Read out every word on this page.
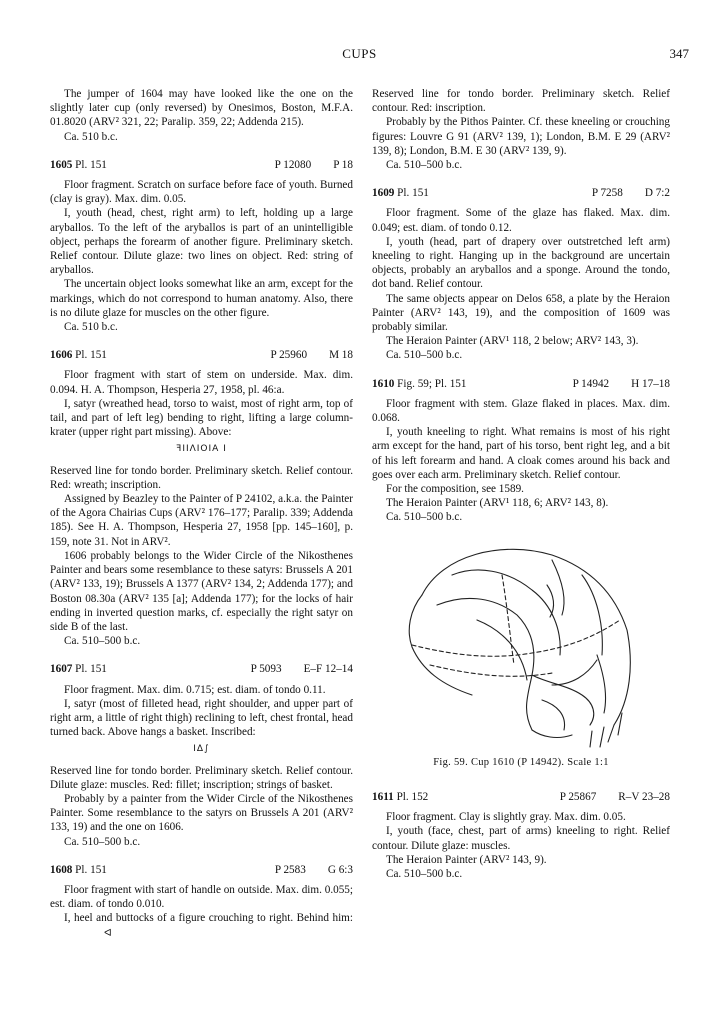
CUPS	347

The jumper of 1604 may have looked like the one on the slightly later cup (only reversed) by Onesimos, Boston, M.F.A. 01.8020 (ARV² 321, 22; Paralip. 359, 22; Addenda 215).

Ca. 510 b.c.

1605 Pl. 151	P 12080 P 18

Floor fragment. Scratch on surface before face of youth. Burned (clay is gray). Max. dim. 0.05.

I, youth (head, chest, right arm) to left, holding up a large aryballos. To the left of the aryballos is part of an unintelligible object, perhaps the forearm of another figure. Preliminary sketch. Relief contour. Dilute glaze: two lines on object. Red: string of aryballos.

The uncertain object looks somewhat like an arm, except for the markings, which do not correspond to human anatomy. Also, there is no dilute glaze for muscles on the other figure.

Ca. 510 b.c.

1606 Pl. 151	P 25960 M 18

Floor fragment with start of stem on underside. Max. dim. 0.094. H. A. Thompson, Hesperia 27, 1958, pl. 46:a.

I, satyr (wreathed head, torso to waist, most of right arm, top of tail, and part of left leg) bending to right, lifting a large column-krater (upper right part missing). Above:

ꟻIIΛIOIA I

Reserved line for tondo border. Preliminary sketch. Relief contour. Red: wreath; inscription.

Assigned by Beazley to the Painter of P 24102, a.k.a. the Painter of the Agora Chairias Cups (ARV² 176–177; Paralip. 339; Addenda 185). See H. A. Thompson, Hesperia 27, 1958 [pp. 145–160], p. 159, note 31. Not in ARV².

1606 probably belongs to the Wider Circle of the Nikosthenes Painter and bears some resemblance to these satyrs: Brussels A 201 (ARV² 133, 19); Brussels A 1377 (ARV² 134, 2; Addenda 177); and Boston 08.30a (ARV² 135 [a]; Addenda 177); for the locks of hair ending in inverted question marks, cf. especially the right satyr on side B of the last.

Ca. 510–500 b.c.

1607 Pl. 151	P 5093 E–F 12–14

Floor fragment. Max. dim. 0.715; est. diam. of tondo 0.11.

I, satyr (most of filleted head, right shoulder, and upper part of right arm, a little of right thigh) reclining to left, chest frontal, head turned back. Above hangs a basket. Inscribed:

ΙΔ∫

Reserved line for tondo border. Preliminary sketch. Relief contour. Dilute glaze: muscles. Red: fillet; inscription; strings of basket.

Probably by a painter from the Wider Circle of the Nikosthenes Painter. Some resemblance to the satyrs on Brussels A 201 (ARV² 133, 19) and the one on 1606.

Ca. 510–500 b.c.

1608 Pl. 151	P 2583 G 6:3

Floor fragment with start of handle on outside. Max. dim. 0.055; est. diam. of tondo 0.010.

I, heel and buttocks of a figure crouching to right. Behind him:ᐊ

Reserved line for tondo border. Preliminary sketch. Relief contour. Red: inscription.

Probably by the Pithos Painter. Cf. these kneeling or crouching figures: Louvre G 91 (ARV² 139, 1); London, B.M. E 29 (ARV² 139, 8); London, B.M. E 30 (ARV² 139, 9).

Ca. 510–500 b.c.

1609 Pl. 151	P 7258 D 7:2

Floor fragment. Some of the glaze has flaked. Max. dim. 0.049; est. diam. of tondo 0.12.

I, youth (head, part of drapery over outstretched left arm) kneeling to right. Hanging up in the background are uncertain objects, probably an aryballos and a sponge. Around the tondo, dot band. Relief contour.

The same objects appear on Delos 658, a plate by the Heraion Painter (ARV² 143, 19), and the composition of 1609 was probably similar.

The Heraion Painter (ARV¹ 118, 2 below; ARV² 143, 3).

Ca. 510–500 b.c.

1610 Fig. 59; Pl. 151	P 14942 H 17–18

Floor fragment with stem. Glaze flaked in places. Max. dim. 0.068.

I, youth kneeling to right. What remains is most of his right arm except for the hand, part of his torso, bent right leg, and a bit of his left forearm and hand. A cloak comes around his back and goes over each arm. Preliminary sketch. Relief contour.

For the composition, see 1589.

The Heraion Painter (ARV¹ 118, 6; ARV² 143, 8).

Ca. 510–500 b.c.

Fig. 59. Cup 1610 (P 14942). Scale 1:1
1611 Pl. 152	P 25867 R–V 23–28

Floor fragment. Clay is slightly gray. Max. dim. 0.05.

I, youth (face, chest, part of arms) kneeling to right. Relief contour. Dilute glaze: muscles.

The Heraion Painter (ARV² 143, 9).

Ca. 510–500 b.c.
